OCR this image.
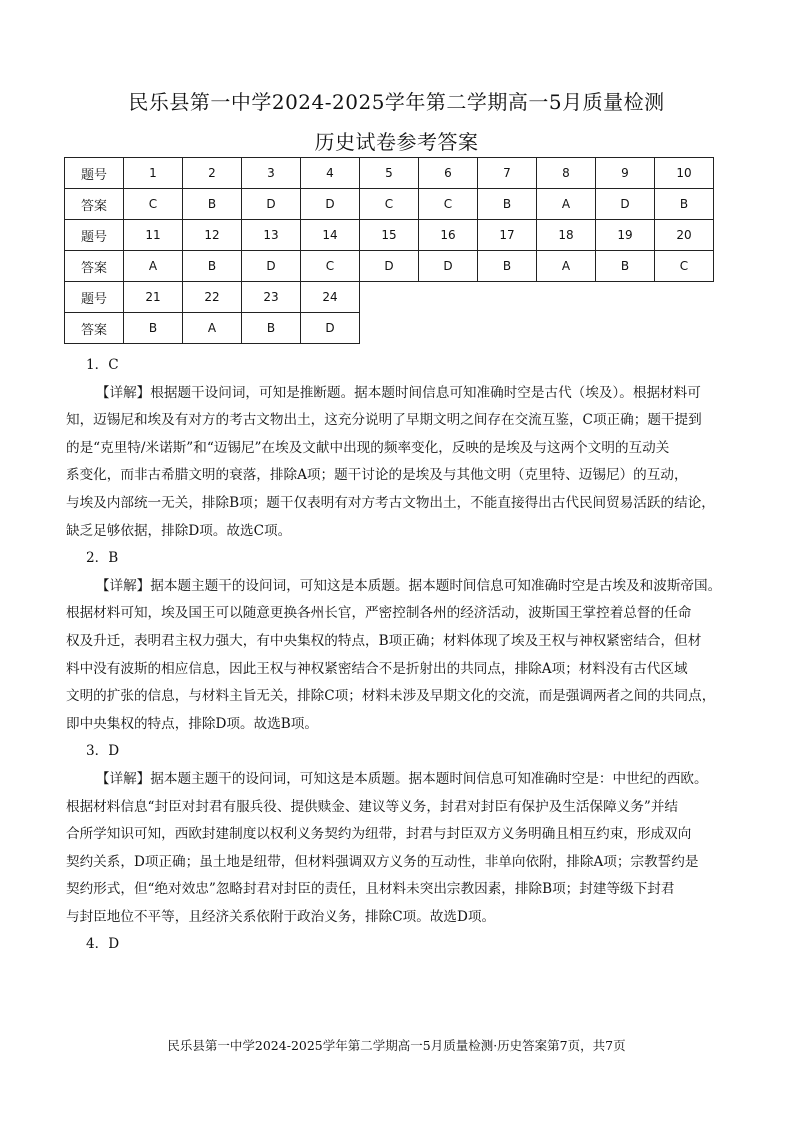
民乐县第一中学2024-2025学年第二学期高一5月质量检测
历史试卷参考答案
题号	1	2	3	4	5	6	7	8	9	10
答案	C	B	D	D	C	C	B	A	D	B
题号	11	12	13	14	15	16	17	18	19	20
答案	A	B	D	C	D	D	B	A	B	C
题号	21	22	23	24						
答案	B	A	B	D						
1．C

【详解】根据题干设问词，可知是推断题。据本题时间信息可知准确时空是古代（埃及）。根据材料可

知，迈锡尼和埃及有对方的考古文物出土，这充分说明了早期文明之间存在交流互鉴，C项正确；题干提到

的是“克里特/米诺斯”和“迈锡尼”在埃及文献中出现的频率变化，反映的是埃及与这两个文明的互动关

系变化，而非古希腊文明的衰落，排除A项；题干讨论的是埃及与其他文明（克里特、迈锡尼）的互动，

与埃及内部统一无关，排除B项；题干仅表明有对方考古文物出土，不能直接得出古代民间贸易活跃的结论，

缺乏足够依据，排除D项。故选C项。

2．B

【详解】据本题主题干的设问词，可知这是本质题。据本题时间信息可知准确时空是古埃及和波斯帝国。

根据材料可知，埃及国王可以随意更换各州长官，严密控制各州的经济活动，波斯国王掌控着总督的任命

权及升迁，表明君主权力强大，有中央集权的特点，B项正确；材料体现了埃及王权与神权紧密结合，但材

料中没有波斯的相应信息，因此王权与神权紧密结合不是折射出的共同点，排除A项；材料没有古代区域

文明的扩张的信息，与材料主旨无关，排除C项；材料未涉及早期文化的交流，而是强调两者之间的共同点，

即中央集权的特点，排除D项。故选B项。

3．D

【详解】据本题主题干的设问词，可知这是本质题。据本题时间信息可知准确时空是：中世纪的西欧。

根据材料信息“封臣对封君有服兵役、提供赎金、建议等义务，封君对封臣有保护及生活保障义务”并结

合所学知识可知，西欧封建制度以权利义务契约为纽带，封君与封臣双方义务明确且相互约束，形成双向

契约关系，D项正确；虽土地是纽带，但材料强调双方义务的互动性，非单向依附，排除A项；宗教誓约是

契约形式，但“绝对效忠”忽略封君对封臣的责任，且材料未突出宗教因素，排除B项；封建等级下封君

与封臣地位不平等，且经济关系依附于政治义务，排除C项。故选D项。

4．D
民乐县第一中学2024-2025学年第二学期高一5月质量检测·历史答案第7页，共7页
